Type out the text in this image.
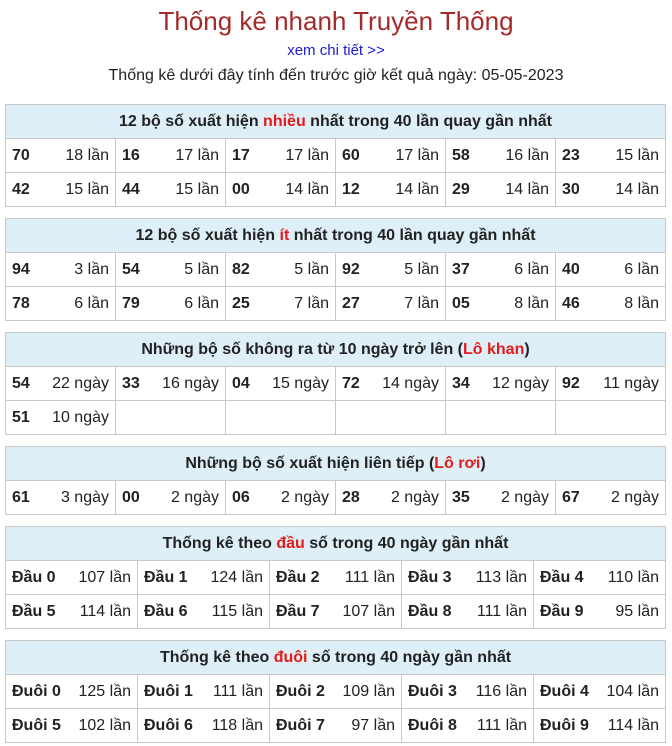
Thống kê nhanh Truyền Thống
xem chi tiết >>
Thống kê dưới đây tính đến trước giờ kết quả ngày: 05-05-2023
12 bộ số xuất hiện nhiều nhất trong 40 lần quay gần nhất					

70 18 lần	16 17 lần	17 17 lần	60 17 lần	58 16 lần	23 15 lần

42 15 lần	44 15 lần	00 14 lần	12 14 lần	29 14 lần	30 14 lần
12 bộ số xuất hiện ít nhất trong 40 lần quay gần nhất					

94 3 lần	54 5 lần	82 5 lần	92 5 lần	37 6 lần	40 6 lần

78 6 lần	79 6 lần	25 7 lần	27 7 lần	05 8 lần	46 8 lần
Những bộ số không ra từ 10 ngày trở lên (Lô khan)					

54 22 ngày	33 16 ngày	04 15 ngày	72 14 ngày	34 12 ngày	92 11 ngày

51 10 ngày					

Những bộ số xuất hiện liên tiếp (Lô rơi)

61 3 ngày	00 2 ngày	06 2 ngày	28 2 ngày	35 2 ngày	67 2 ngày
Thống kê theo đầu số trong 40 ngày gần nhất				

Đầu 0 107 lần	Đầu 1 124 lần	Đầu 2 111 lần	Đầu 3 113 lần	Đầu 4 110 lần

Đầu 5 114 lần	Đầu 6 115 lần	Đầu 7 107 lần	Đầu 8 111 lần	Đầu 9 95 lần
Thống kê theo đuôi số trong 40 ngày gần nhất				

Đuôi 0 125 lần	Đuôi 1 111 lần	Đuôi 2 109 lần	Đuôi 3 116 lần	Đuôi 4 104 lần

Đuôi 5 102 lần	Đuôi 6 118 lần	Đuôi 7 97 lần	Đuôi 8 111 lần	Đuôi 9 114 lần
